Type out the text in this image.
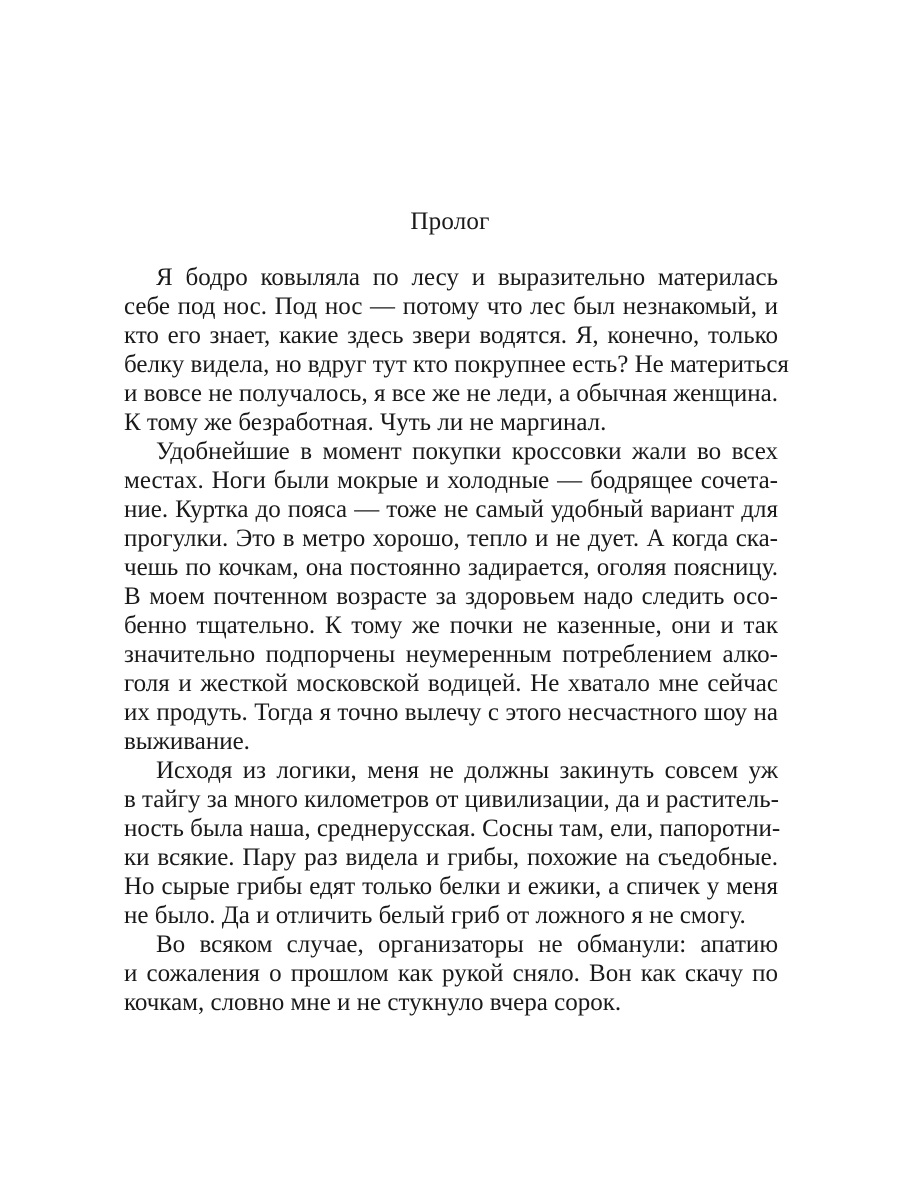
Пролог
Я бодро ковыляла по лесу и выразительно материлась
себе под нос. Под нос — потому что лес был незнакомый, и
кто его знает, какие здесь звери водятся. Я, конечно, только
белку видела, но вдруг тут кто покрупнее есть? Не материться
и вовсе не получалось, я все же не леди, а обычная женщина.
К тому же безработная. Чуть ли не маргинал.
Удобнейшие в момент покупки кроссовки жали во всех
местах. Ноги были мокрые и холодные — бодрящее сочета-
ние. Куртка до пояса — тоже не самый удобный вариант для
прогулки. Это в метро хорошо, тепло и не дует. А когда ска-
чешь по кочкам, она постоянно задирается, оголяя поясницу.
В моем почтенном возрасте за здоровьем надо следить осо-
бенно тщательно. К тому же почки не казенные, они и так
значительно подпорчены неумеренным потреблением алко-
голя и жесткой московской водицей. Не хватало мне сейчас
их продуть. Тогда я точно вылечу с этого несчастного шоу на
выживание.
Исходя из логики, меня не должны закинуть совсем уж
в тайгу за много километров от цивилизации, да и раститель-
ность была наша, среднерусская. Сосны там, ели, папоротни-
ки всякие. Пару раз видела и грибы, похожие на съедобные.
Но сырые грибы едят только белки и ежики, а спичек у меня
не было. Да и отличить белый гриб от ложного я не смогу.
Во всяком случае, организаторы не обманули: апатию
и сожаления о прошлом как рукой сняло. Вон как скачу по
кочкам, словно мне и не стукнуло вчера сорок.
